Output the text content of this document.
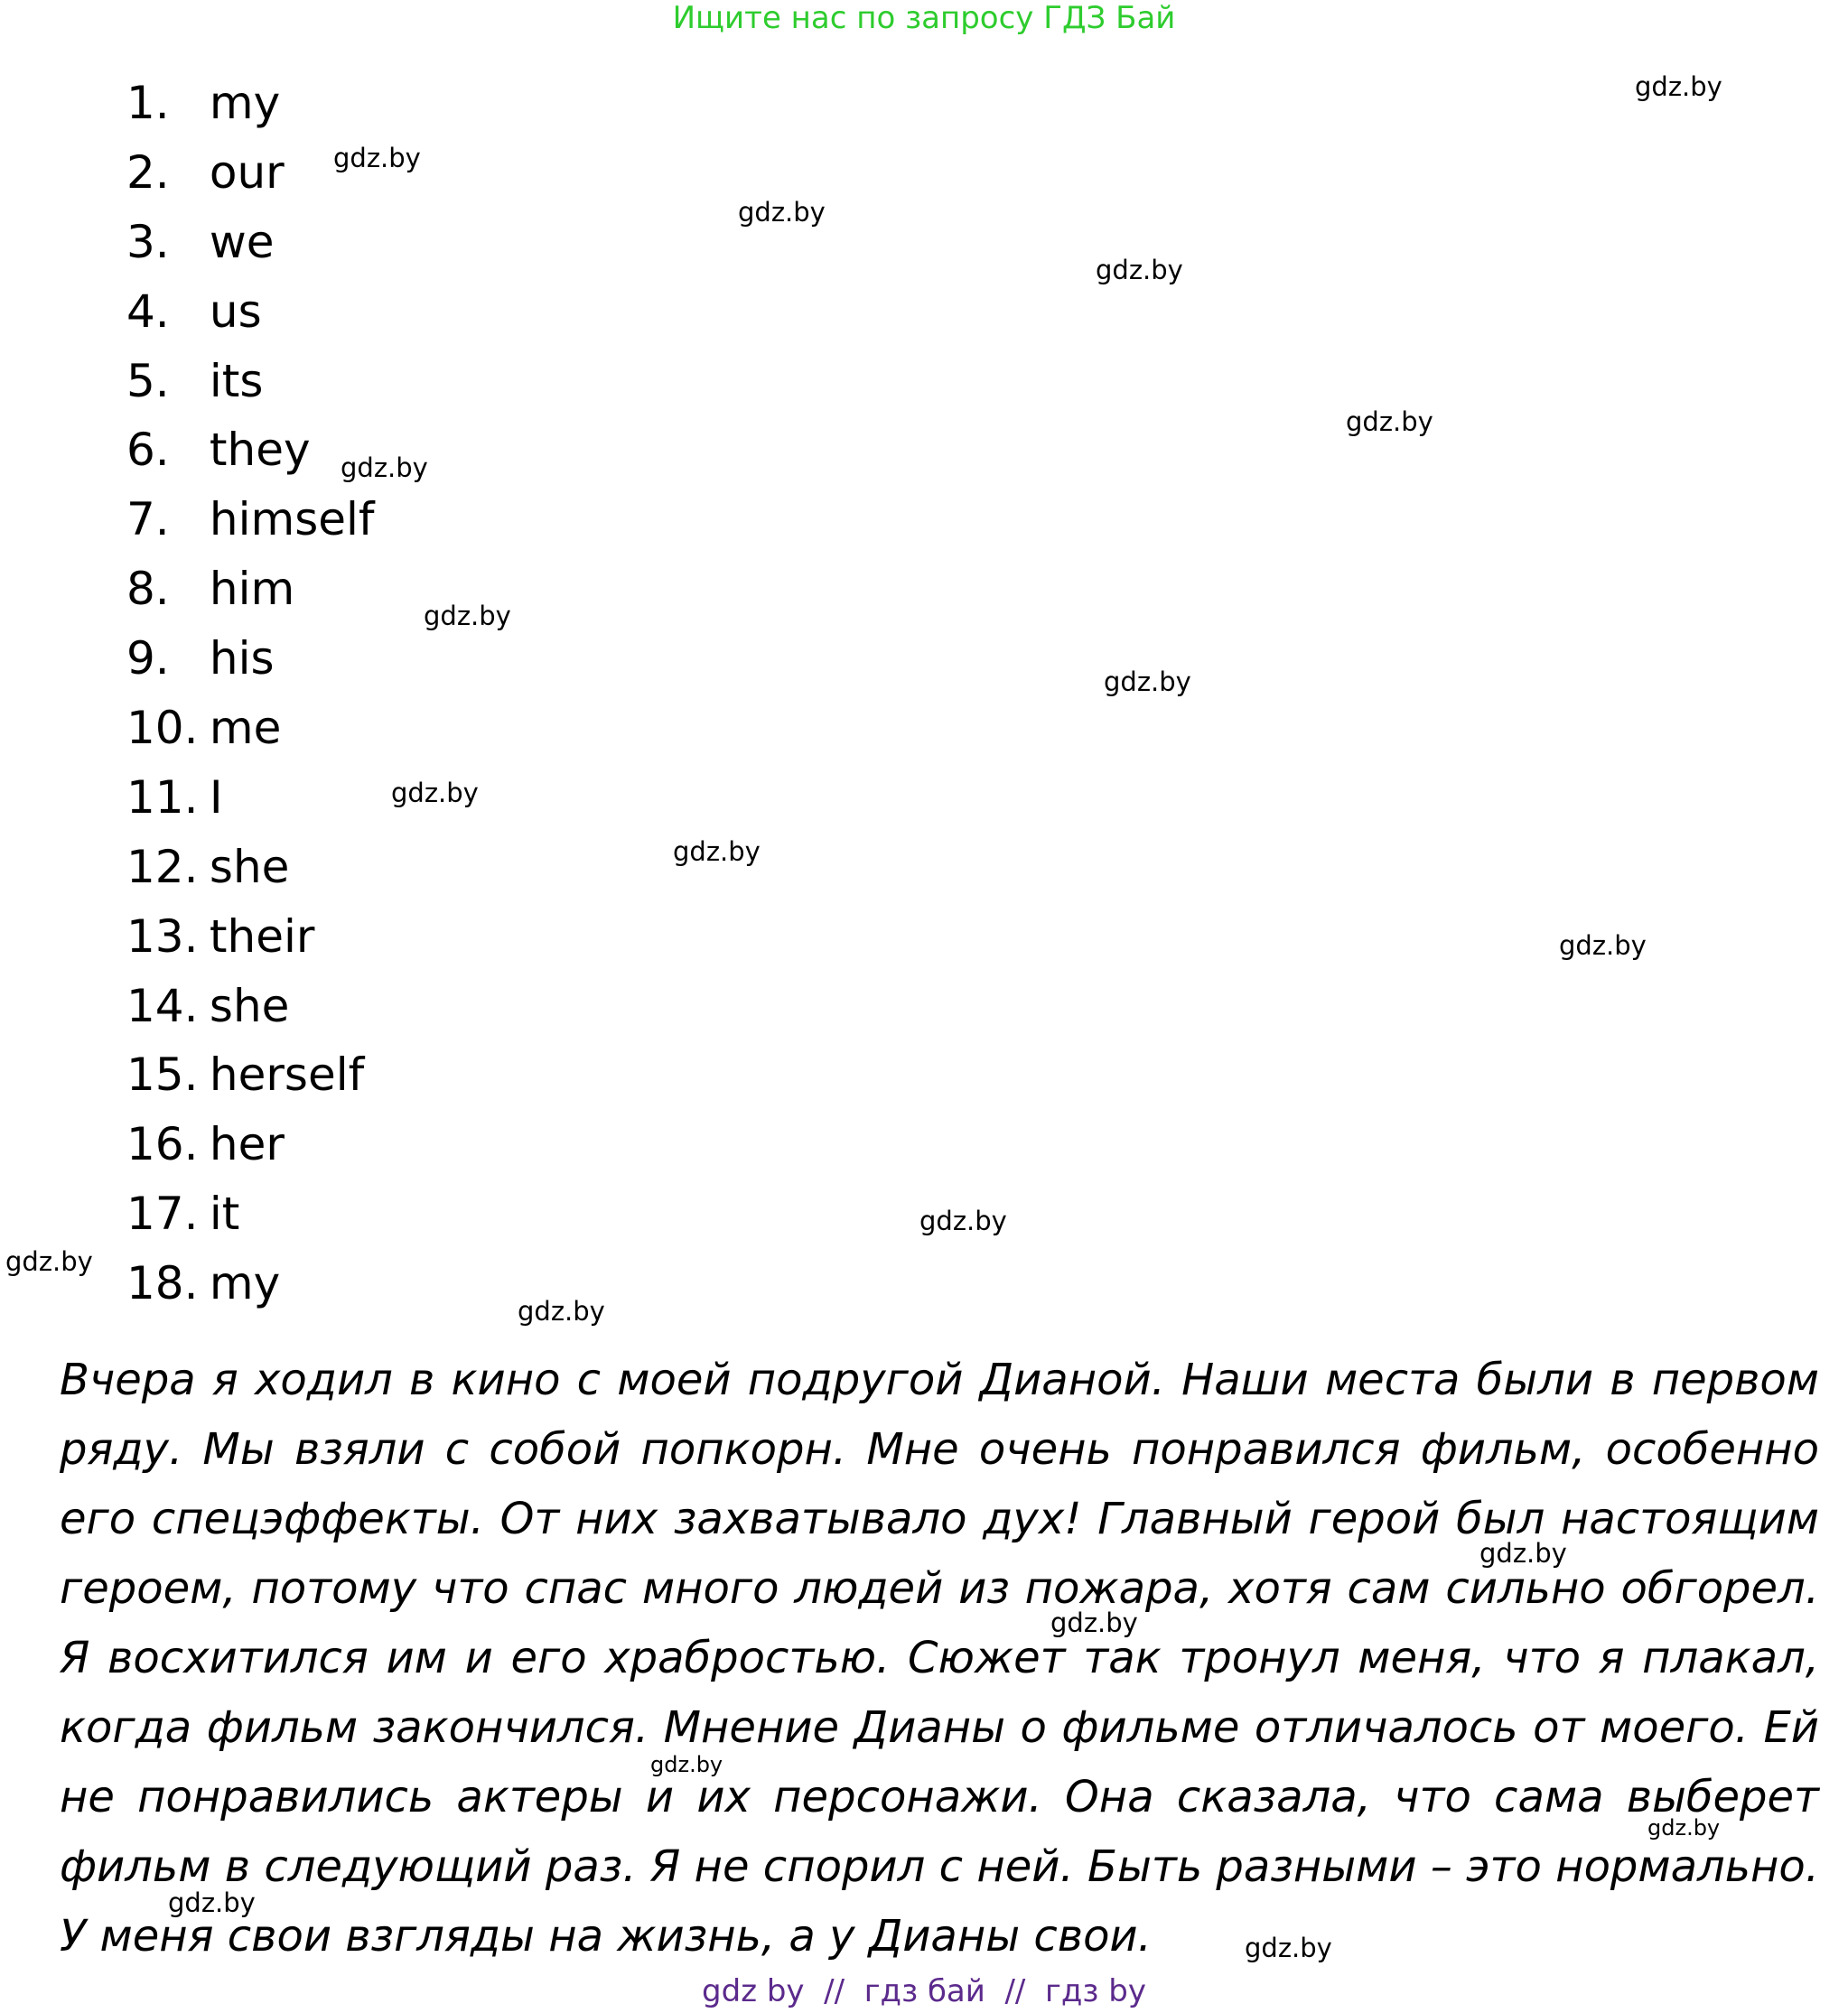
Ищите нас по запросу ГДЗ Бай
1. my
2. our
3. we
4. us
5. its
6. they
7. himself
8. him
9. his
10. me
11. I
12. she
13. their
14. she
15. herself
16. her
17. it
18. my

Вчера я ходил в кино с моей подругой Дианой. Наши места были в первом ряду. Мы взяли с собой попкорн. Мне очень понравился фильм, особенно его спецэффекты. От них захватывало дух! Главный герой был настоящим героем, потому что спас много людей из пожара, хотя сам сильно обгорел. Я восхитился им и его храбростью. Сюжет так тронул меня, что я плакал, когда фильм закончился. Мнение Дианы о фильме отличалось от моего. Ей не понравились актеры и их персонажи. Она сказала, что сама выберет фильм в следующий раз. Я не спорил с ней. Быть разными – это нормально. У меня свои взгляды на жизнь, а у Дианы свои.

gdz.by
gdz.by
gdz.by
gdz.by
gdz.by
gdz.by
gdz.by
gdz.by
gdz.by
gdz.by
gdz.by
gdz.by
gdz.by
gdz.by
gdz.by
gdz.by
gdz.by
gdz.by
gdz.by
gdz.by
gdz by  //  гдз бай  //  гдз by
